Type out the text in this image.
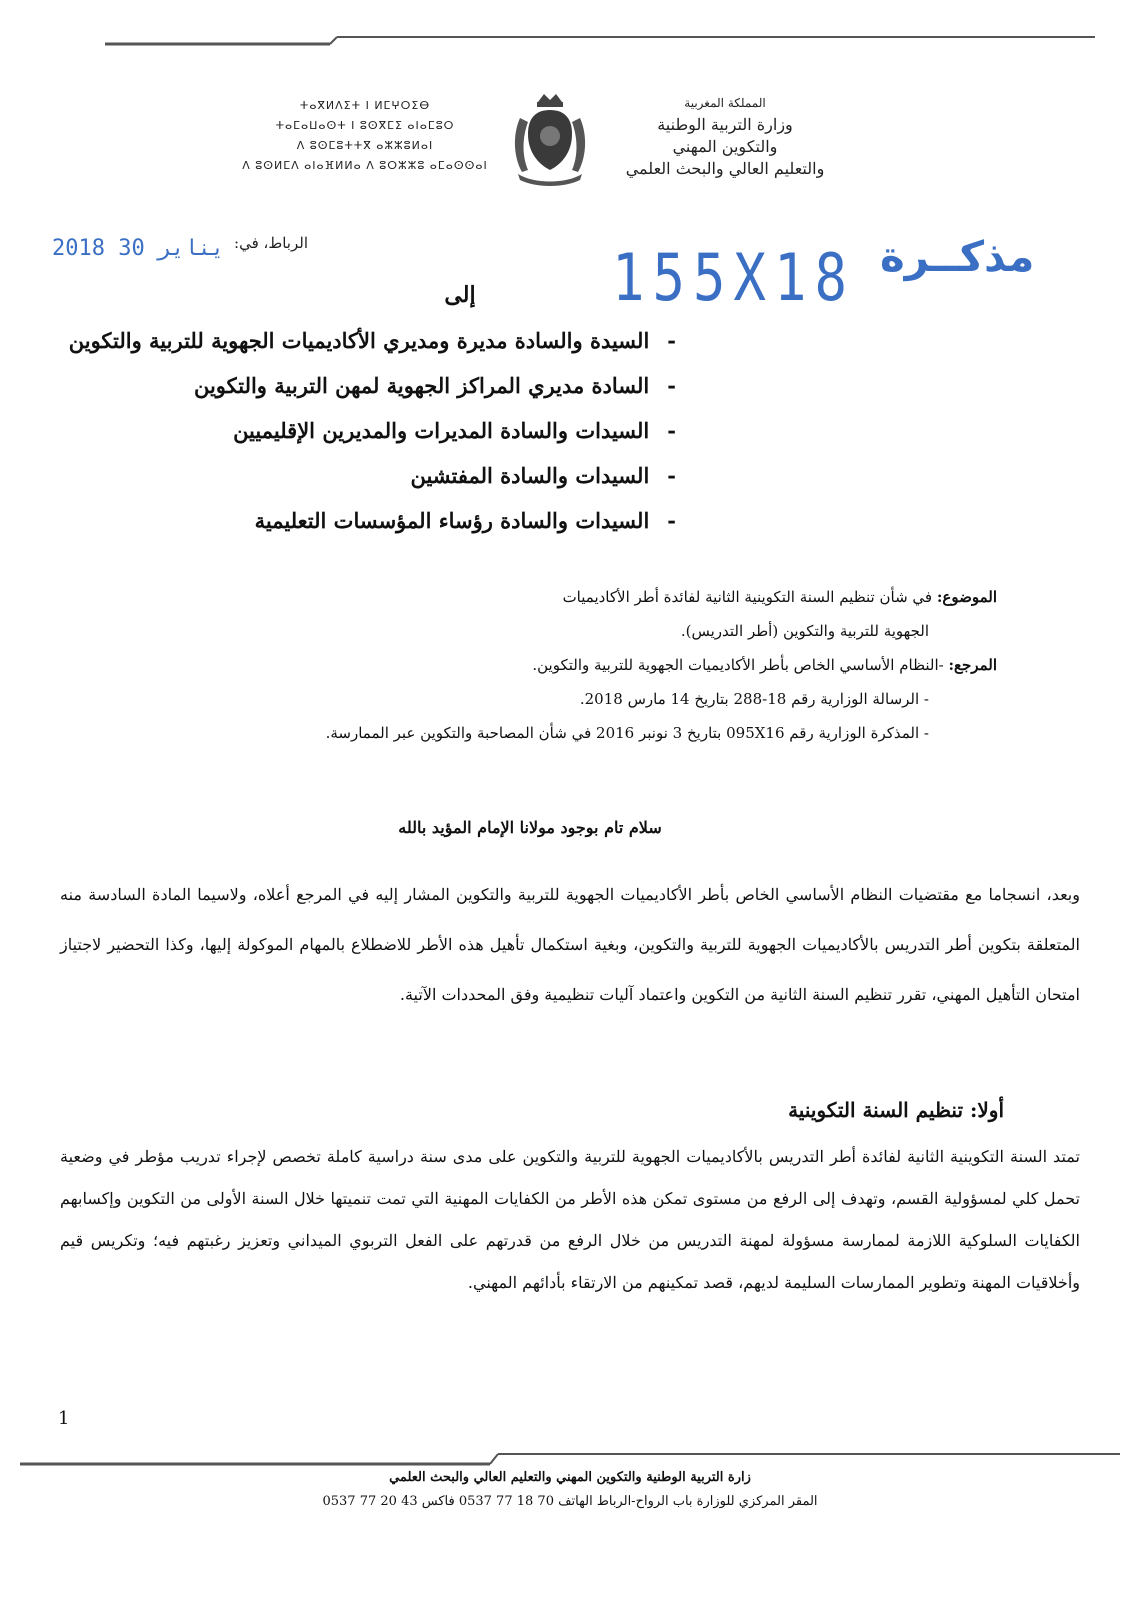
ⵜⴰⴳⵍⴷⵉⵜ ⵏ ⵍⵎⵖⵔⵉⴱ
ⵜⴰⵎⴰⵡⴰⵙⵜ ⵏ ⵓⵙⴳⵎⵉ ⴰⵏⴰⵎⵓⵔ
ⴷ ⵓⵙⵎⵓⵜⵜⴳ ⴰⵣⵣⵓⵍⴰⵏ
ⴷ ⵓⵙⵍⵎⴷ ⴰⵏⴰⴼⵍⵍⴰ ⴷ ⵓⵔⵣⵣⵓ ⴰⵎⴰⵙⵙⴰⵏ
المملكة المغربية
وزارة التربية الوطنية
والتكوين المهني
والتعليم العالي والبحث العلمي
الرباط، في:
2018 يناير 30	155X18 مذكــرة
إلى
-السيدة والسادة مديرة ومديري الأكاديميات الجهوية للتربية والتكوين
-السادة مديري المراكز الجهوية لمهن التربية والتكوين
-السيدات والسادة المديرات والمديرين الإقليميين
-السيدات والسادة المفتشين
-السيدات والسادة رؤساء المؤسسات التعليمية
الموضوع: في شأن تنظيم السنة التكوينية الثانية لفائدة أطر الأكاديميات
الجهوية للتربية والتكوين (أطر التدريس).
المرجع: -النظام الأساسي الخاص بأطر الأكاديميات الجهوية للتربية والتكوين.
- الرسالة الوزارية رقم 18-288 بتاريخ 14 مارس 2018.
- المذكرة الوزارية رقم 095X16 بتاريخ 3 نونبر 2016 في شأن المصاحبة والتكوين عبر الممارسة.
سلام تام بوجود مولانا الإمام المؤيد بالله

وبعد، انسجاما مع مقتضيات النظام الأساسي الخاص بأطر الأكاديميات الجهوية للتربية والتكوين المشار إليه في المرجع أعلاه، ولاسيما المادة السادسة منه المتعلقة بتكوين أطر التدريس بالأكاديميات الجهوية للتربية والتكوين، وبغية استكمال تأهيل هذه الأطر للاضطلاع بالمهام الموكولة إليها، وكذا التحضير لاجتياز امتحان التأهيل المهني، تقرر تنظيم السنة الثانية من التكوين واعتماد آليات تنظيمية وفق المحددات الآتية.

أولا: تنظيم السنة التكوينية

تمتد السنة التكوينية الثانية لفائدة أطر التدريس بالأكاديميات الجهوية للتربية والتكوين على مدى سنة دراسية كاملة تخصص لإجراء تدريب مؤطر في وضعية تحمل كلي لمسؤولية القسم، وتهدف إلى الرفع من مستوى تمكن هذه الأطر من الكفايات المهنية التي تمت تنميتها خلال السنة الأولى من التكوين وإكسابهم الكفايات السلوكية اللازمة لممارسة مسؤولة لمهنة التدريس من خلال الرفع من قدرتهم على الفعل التربوي الميداني وتعزيز رغبتهم فيه؛ وتكريس قيم وأخلاقيات المهنة وتطوير الممارسات السليمة لديهم، قصد تمكينهم من الارتقاء بأدائهم المهني.

1
زارة التربية الوطنية والتكوين المهني والتعليم العالي والبحث العلمي
المقر المركزي للوزارة باب الرواح-الرباط الهاتف 70 18 77 0537 فاكس 43 20 77 0537
